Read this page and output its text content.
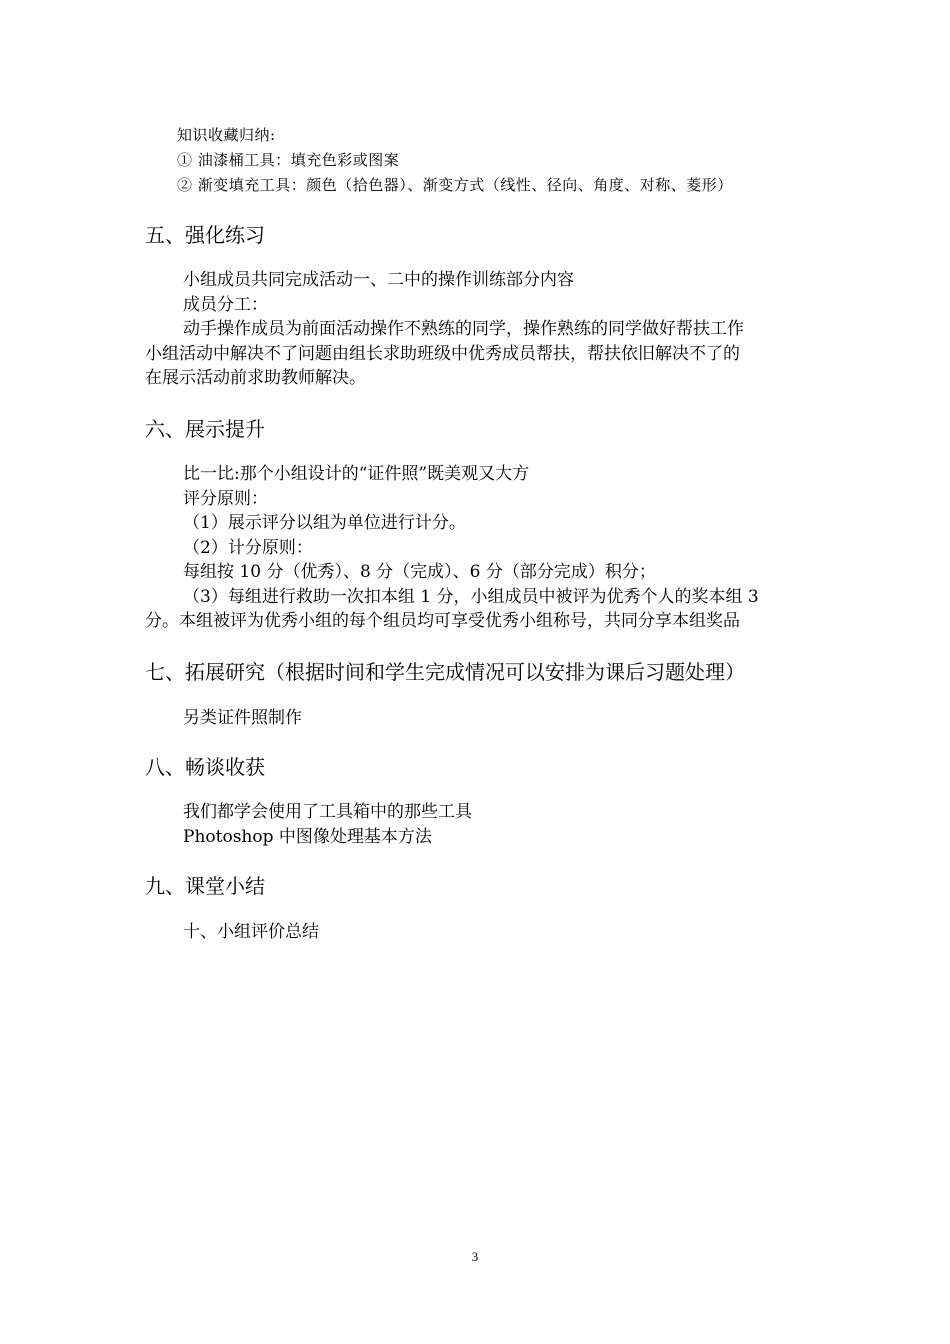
知识收藏归纳:
① 油漆桶工具：填充色彩或图案
② 渐变填充工具：颜色（拾色器）、渐变方式（线性、径向、角度、对称、菱形）
五、强化练习
小组成员共同完成活动一、二中的操作训练部分内容
成员分工：
动手操作成员为前面活动操作不熟练的同学，操作熟练的同学做好帮扶工作
小组活动中解决不了问题由组长求助班级中优秀成员帮扶，帮扶依旧解决不了的
在展示活动前求助教师解决。
六、展示提升
比一比:那个小组设计的“证件照”既美观又大方
评分原则：
（1）展示评分以组为单位进行计分。
（2）计分原则：
每组按 10 分（优秀）、8 分（完成）、6 分（部分完成）积分；
（3）每组进行救助一次扣本组 1 分，小组成员中被评为优秀个人的奖本组 3
分。本组被评为优秀小组的每个组员均可享受优秀小组称号，共同分享本组奖品
七、拓展研究（根据时间和学生完成情况可以安排为课后习题处理）
另类证件照制作
八、畅谈收获
我们都学会使用了工具箱中的那些工具
Photoshop 中图像处理基本方法
九、课堂小结
十、小组评价总结
3
